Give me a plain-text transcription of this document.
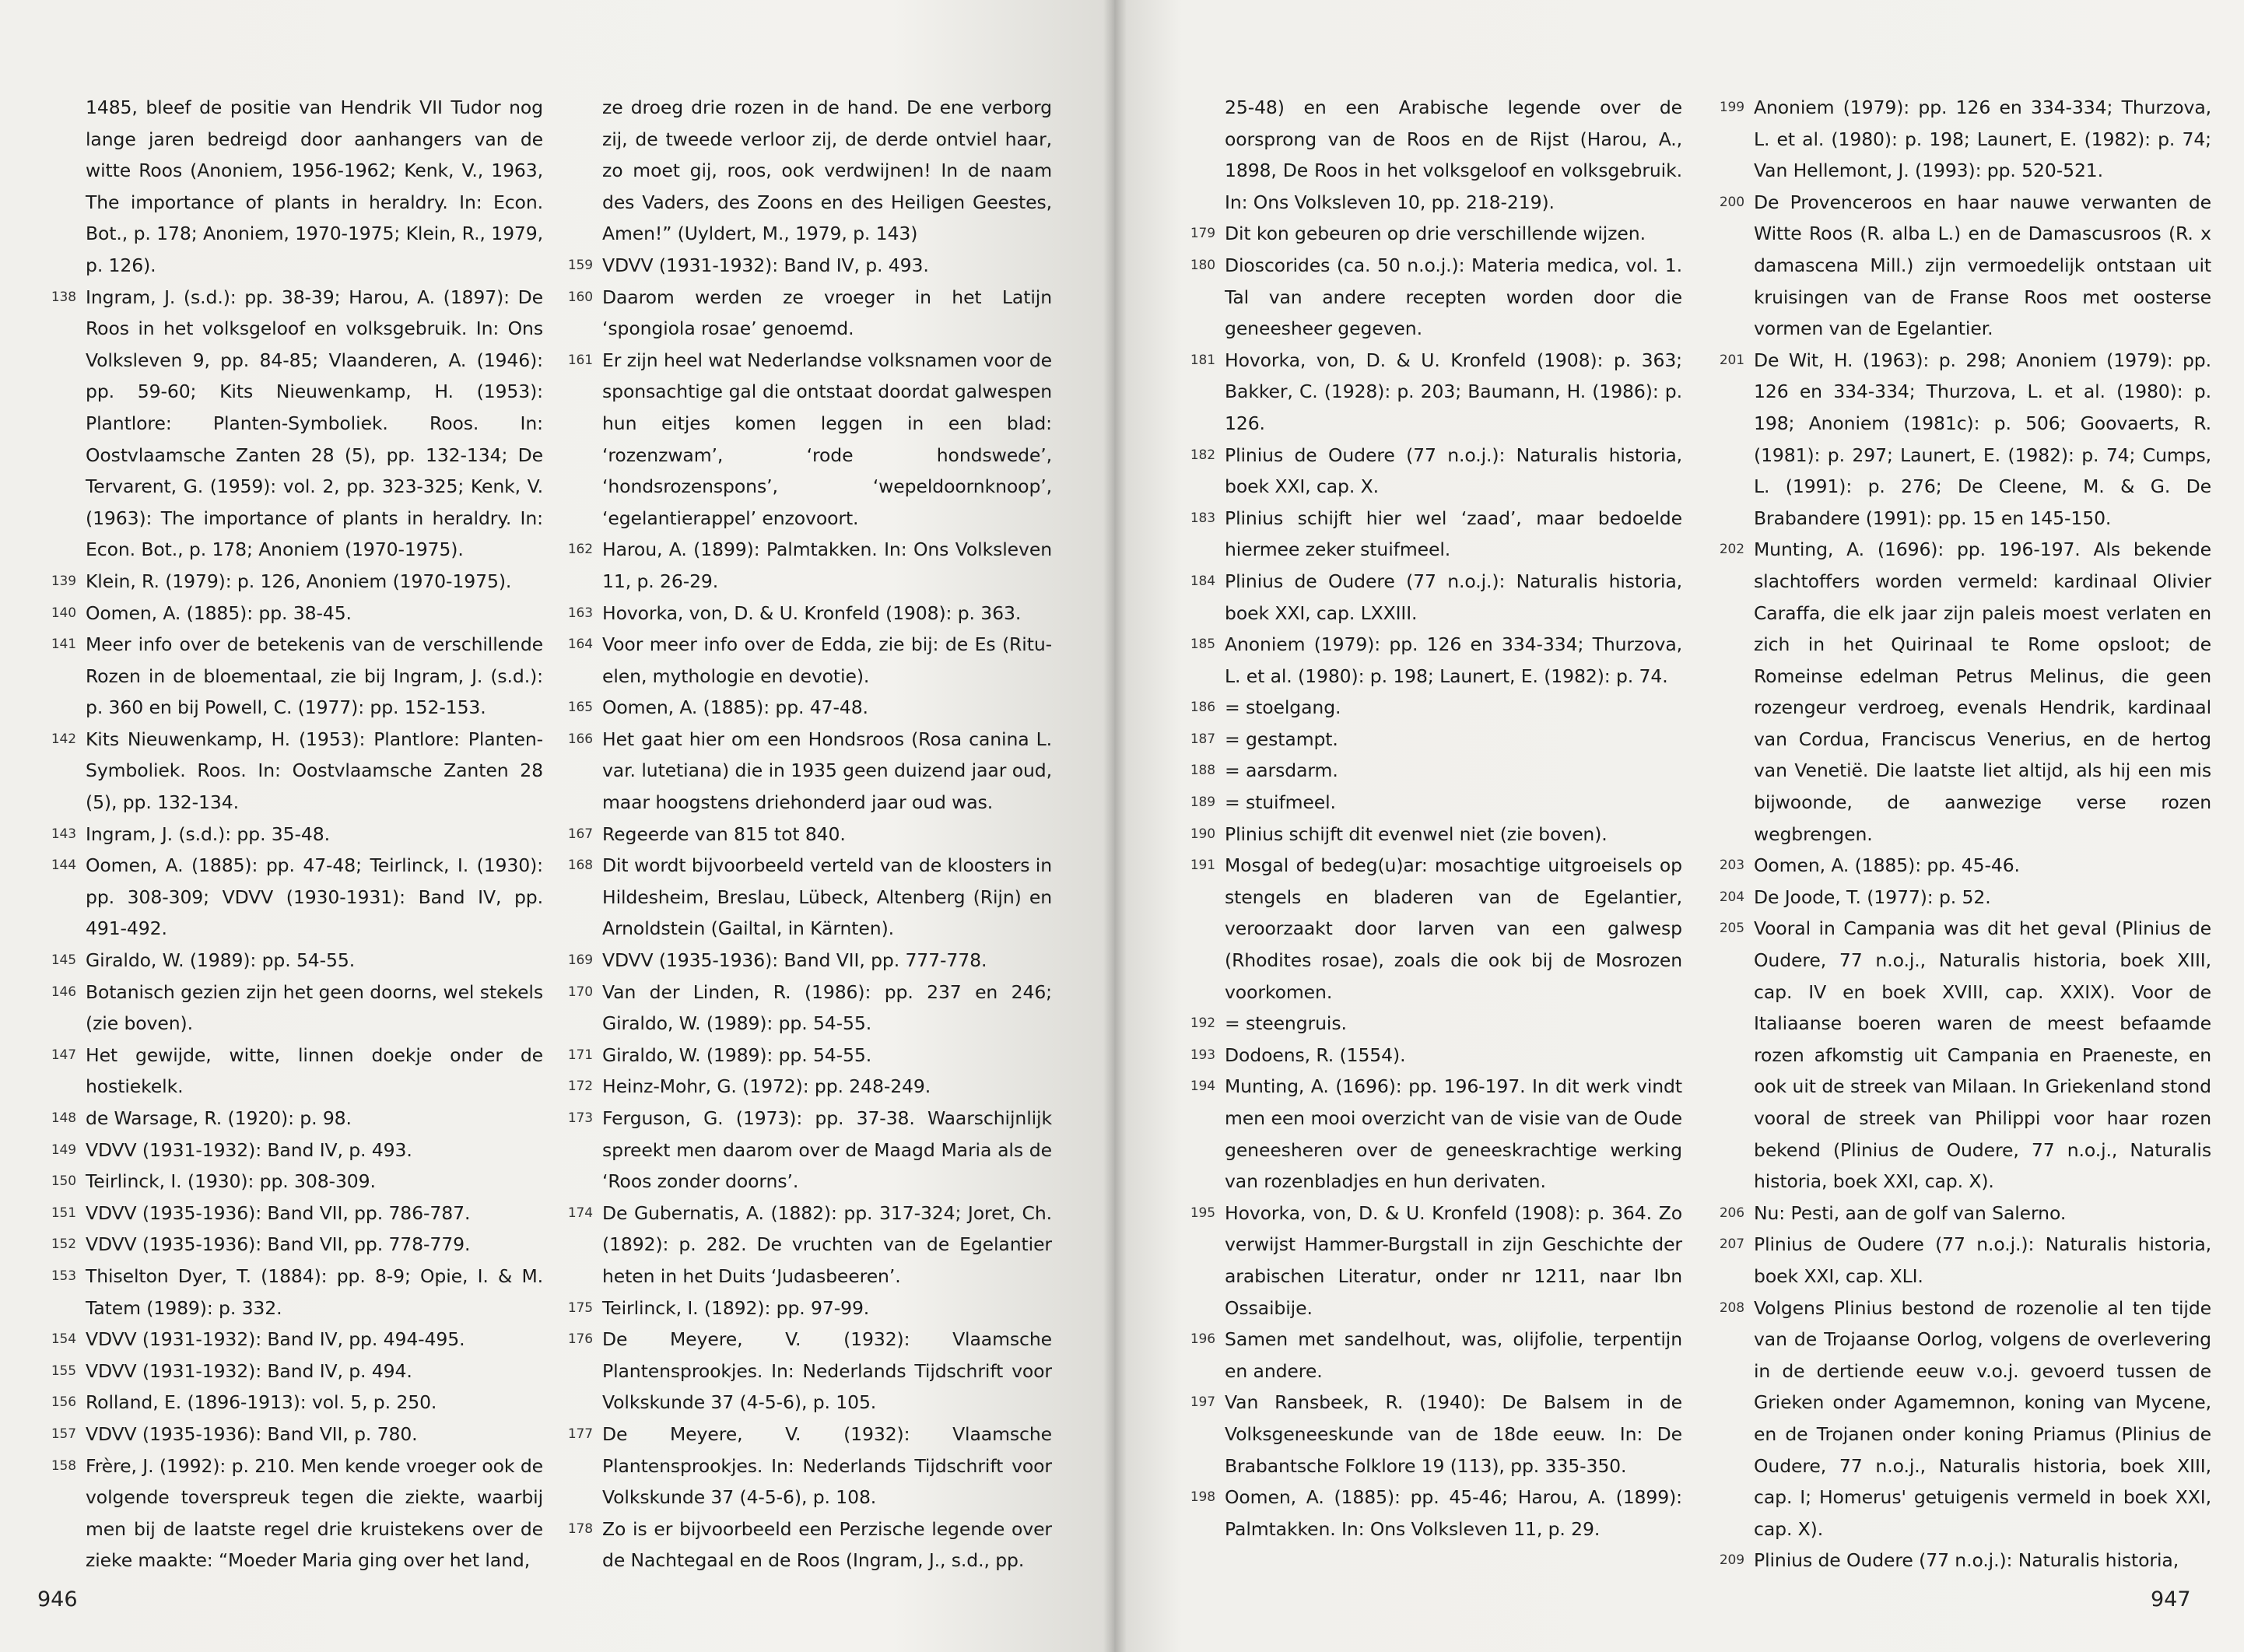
1485, bleef de positie van Hendrik VII Tudor nog lange jaren bedreigd door aanhangers van de witte Roos (Anoniem, 1956-1962; Kenk, V., 1963, The importance of plants in heraldry. In: Econ. Bot., p. 178; Anoniem, 1970-1975; Klein, R., 1979, p. 126).
138 Ingram, J. (s.d.): pp. 38-39; Harou, A. (1897): De Roos in het volksgeloof en volksgebruik. In: Ons Volksleven 9, pp. 84-85; Vlaanderen, A. (1946): pp. 59-60; Kits Nieuwenkamp, H. (1953): Plantlore: Planten-Symboliek. Roos. In: Oostvlaamsche Zanten 28 (5), pp. 132-134; De Tervarent, G. (1959): vol. 2, pp. 323-325; Kenk, V. (1963): The importance of plants in heraldry. In: Econ. Bot., p. 178; Anoniem (1970-1975).
139 Klein, R. (1979): p. 126, Anoniem (1970-1975).
140 Oomen, A. (1885): pp. 38-45.
141 Meer info over de betekenis van de verschillende Rozen in de bloementaal, zie bij Ingram, J. (s.d.): p. 360 en bij Powell, C. (1977): pp. 152-153.
142 Kits Nieuwenkamp, H. (1953): Plantlore: Planten-Symboliek. Roos. In: Oostvlaamsche Zanten 28 (5), pp. 132-134.
143 Ingram, J. (s.d.): pp. 35-48.
144 Oomen, A. (1885): pp. 47-48; Teirlinck, I. (1930): pp. 308-309; VDVV (1930-1931): Band IV, pp. 491-492.
145 Giraldo, W. (1989): pp. 54-55.
146 Botanisch gezien zijn het geen doorns, wel stekels (zie boven).
147 Het gewijde, witte, linnen doekje onder de hostiekelk.
148 de Warsage, R. (1920): p. 98.
149 VDVV (1931-1932): Band IV, p. 493.
150 Teirlinck, I. (1930): pp. 308-309.
151 VDVV (1935-1936): Band VII, pp. 786-787.
152 VDVV (1935-1936): Band VII, pp. 778-779.
153 Thiselton Dyer, T. (1884): pp. 8-9; Opie, I. & M. Tatem (1989): p. 332.
154 VDVV (1931-1932): Band IV, pp. 494-495.
155 VDVV (1931-1932): Band IV, p. 494.
156 Rolland, E. (1896-1913): vol. 5, p. 250.
157 VDVV (1935-1936): Band VII, p. 780.
158 Frère, J. (1992): p. 210. Men kende vroeger ook de volgende toverspreuk tegen die ziekte, waarbij men bij de laatste regel drie kruistekens over de zieke maakte: “Moeder Maria ging over het land,
ze droeg drie rozen in de hand. De ene verborg zij, de tweede verloor zij, de derde ontviel haar, zo moet gij, roos, ook verdwijnen! In de naam des Vaders, des Zoons en des Heiligen Geestes, Amen!” (Uyldert, M., 1979, p. 143)
159 VDVV (1931-1932): Band IV, p. 493.
160 Daarom werden ze vroeger in het Latijn ‘spongiola rosae’ genoemd.
161 Er zijn heel wat Nederlandse volksnamen voor de sponsachtige gal die ontstaat doordat galwespen hun eitjes komen leggen in een blad: ‘rozenzwam’, ‘rode hondswede’, ‘hondsrozenspons’, ‘wepeldoornknoop’, ‘egelantierappel’ enzovoort.
162 Harou, A. (1899): Palmtakken. In: Ons Volksleven 11, p. 26-29.
163 Hovorka, von, D. & U. Kronfeld (1908): p. 363.
164 Voor meer info over de Edda, zie bij: de Es (Ritu-elen, mythologie en devotie).
165 Oomen, A. (1885): pp. 47-48.
166 Het gaat hier om een Hondsroos (Rosa canina L. var. lutetiana) die in 1935 geen duizend jaar oud, maar hoogstens driehonderd jaar oud was.
167 Regeerde van 815 tot 840.
168 Dit wordt bijvoorbeeld verteld van de kloosters in Hildesheim, Breslau, Lübeck, Altenberg (Rijn) en Arnoldstein (Gailtal, in Kärnten).
169 VDVV (1935-1936): Band VII, pp. 777-778.
170 Van der Linden, R. (1986): pp. 237 en 246; Giraldo, W. (1989): pp. 54-55.
171 Giraldo, W. (1989): pp. 54-55.
172 Heinz-Mohr, G. (1972): pp. 248-249.
173 Ferguson, G. (1973): pp. 37-38. Waarschijnlijk spreekt men daarom over de Maagd Maria als de ‘Roos zonder doorns’.
174 De Gubernatis, A. (1882): pp. 317-324; Joret, Ch. (1892): p. 282. De vruchten van de Egelantier heten in het Duits ‘Judasbeeren’.
175 Teirlinck, I. (1892): pp. 97-99.
176 De Meyere, V. (1932): Vlaamsche Plantensprookjes. In: Nederlands Tijdschrift voor Volkskunde 37 (4-5-6), p. 105.
177 De Meyere, V. (1932): Vlaamsche Plantensprookjes. In: Nederlands Tijdschrift voor Volkskunde 37 (4-5-6), p. 108.
178 Zo is er bijvoorbeeld een Perzische legende over de Nachtegaal en de Roos (Ingram, J., s.d., pp.
946
25-48) en een Arabische legende over de oorsprong van de Roos en de Rijst (Harou, A., 1898, De Roos in het volksgeloof en volksgebruik. In: Ons Volksleven 10, pp. 218-219).
179 Dit kon gebeuren op drie verschillende wijzen.
180 Dioscorides (ca. 50 n.o.j.): Materia medica, vol. 1. Tal van andere recepten worden door die geneesheer gegeven.
181 Hovorka, von, D. & U. Kronfeld (1908): p. 363; Bakker, C. (1928): p. 203; Baumann, H. (1986): p. 126.
182 Plinius de Oudere (77 n.o.j.): Naturalis historia, boek XXI, cap. X.
183 Plinius schijft hier wel ‘zaad’, maar bedoelde hiermee zeker stuifmeel.
184 Plinius de Oudere (77 n.o.j.): Naturalis historia, boek XXI, cap. LXXIII.
185 Anoniem (1979): pp. 126 en 334-334; Thurzova, L. et al. (1980): p. 198; Launert, E. (1982): p. 74.
186 = stoelgang.
187 = gestampt.
188 = aarsdarm.
189 = stuifmeel.
190 Plinius schijft dit evenwel niet (zie boven).
191 Mosgal of bedeg(u)ar: mosachtige uitgroeisels op stengels en bladeren van de Egelantier, veroorzaakt door larven van een galwesp (Rhodites rosae), zoals die ook bij de Mosrozen voorkomen.
192 = steengruis.
193 Dodoens, R. (1554).
194 Munting, A. (1696): pp. 196-197. In dit werk vindt men een mooi overzicht van de visie van de Oude geneesheren over de geneeskrachtige werking van rozenbladjes en hun derivaten.
195 Hovorka, von, D. & U. Kronfeld (1908): p. 364. Zo verwijst Hammer-Burgstall in zijn Geschichte der arabischen Literatur, onder nr 1211, naar Ibn Ossaibije.
196 Samen met sandelhout, was, olijfolie, terpentijn en andere.
197 Van Ransbeek, R. (1940): De Balsem in de Volksgeneeskunde van de 18de eeuw. In: De Brabantsche Folklore 19 (113), pp. 335-350.
198 Oomen, A. (1885): pp. 45-46; Harou, A. (1899): Palmtakken. In: Ons Volksleven 11, p. 29.
199 Anoniem (1979): pp. 126 en 334-334; Thurzova, L. et al. (1980): p. 198; Launert, E. (1982): p. 74; Van Hellemont, J. (1993): pp. 520-521.
200 De Provenceroos en haar nauwe verwanten de Witte Roos (R. alba L.) en de Damascusroos (R. x damascena Mill.) zijn vermoedelijk ontstaan uit kruisingen van de Franse Roos met oosterse vormen van de Egelantier.
201 De Wit, H. (1963): p. 298; Anoniem (1979): pp. 126 en 334-334; Thurzova, L. et al. (1980): p. 198; Anoniem (1981c): p. 506; Goovaerts, R. (1981): p. 297; Launert, E. (1982): p. 74; Cumps, L. (1991): p. 276; De Cleene, M. & G. De Brabandere (1991): pp. 15 en 145-150.
202 Munting, A. (1696): pp. 196-197. Als bekende slachtoffers worden vermeld: kardinaal Olivier Caraffa, die elk jaar zijn paleis moest verlaten en zich in het Quirinaal te Rome opsloot; de Romeinse edelman Petrus Melinus, die geen rozengeur verdroeg, evenals Hendrik, kardinaal van Cordua, Franciscus Venerius, en de hertog van Venetië. Die laatste liet altijd, als hij een mis bijwoonde, de aanwezige verse rozen wegbrengen.
203 Oomen, A. (1885): pp. 45-46.
204 De Joode, T. (1977): p. 52.
205 Vooral in Campania was dit het geval (Plinius de Oudere, 77 n.o.j., Naturalis historia, boek XIII, cap. IV en boek XVIII, cap. XXIX). Voor de Italiaanse boeren waren de meest befaamde rozen afkomstig uit Campania en Praeneste, en ook uit de streek van Milaan. In Griekenland stond vooral de streek van Philippi voor haar rozen bekend (Plinius de Oudere, 77 n.o.j., Naturalis historia, boek XXI, cap. X).
206 Nu: Pesti, aan de golf van Salerno.
207 Plinius de Oudere (77 n.o.j.): Naturalis historia, boek XXI, cap. XLI.
208 Volgens Plinius bestond de rozenolie al ten tijde van de Trojaanse Oorlog, volgens de overlevering in de dertiende eeuw v.o.j. gevoerd tussen de Grieken onder Agamemnon, koning van Mycene, en de Trojanen onder koning Priamus (Plinius de Oudere, 77 n.o.j., Naturalis historia, boek XIII, cap. I; Homerus' getuigenis vermeld in boek XXI, cap. X).
209 Plinius de Oudere (77 n.o.j.): Naturalis historia,
947
